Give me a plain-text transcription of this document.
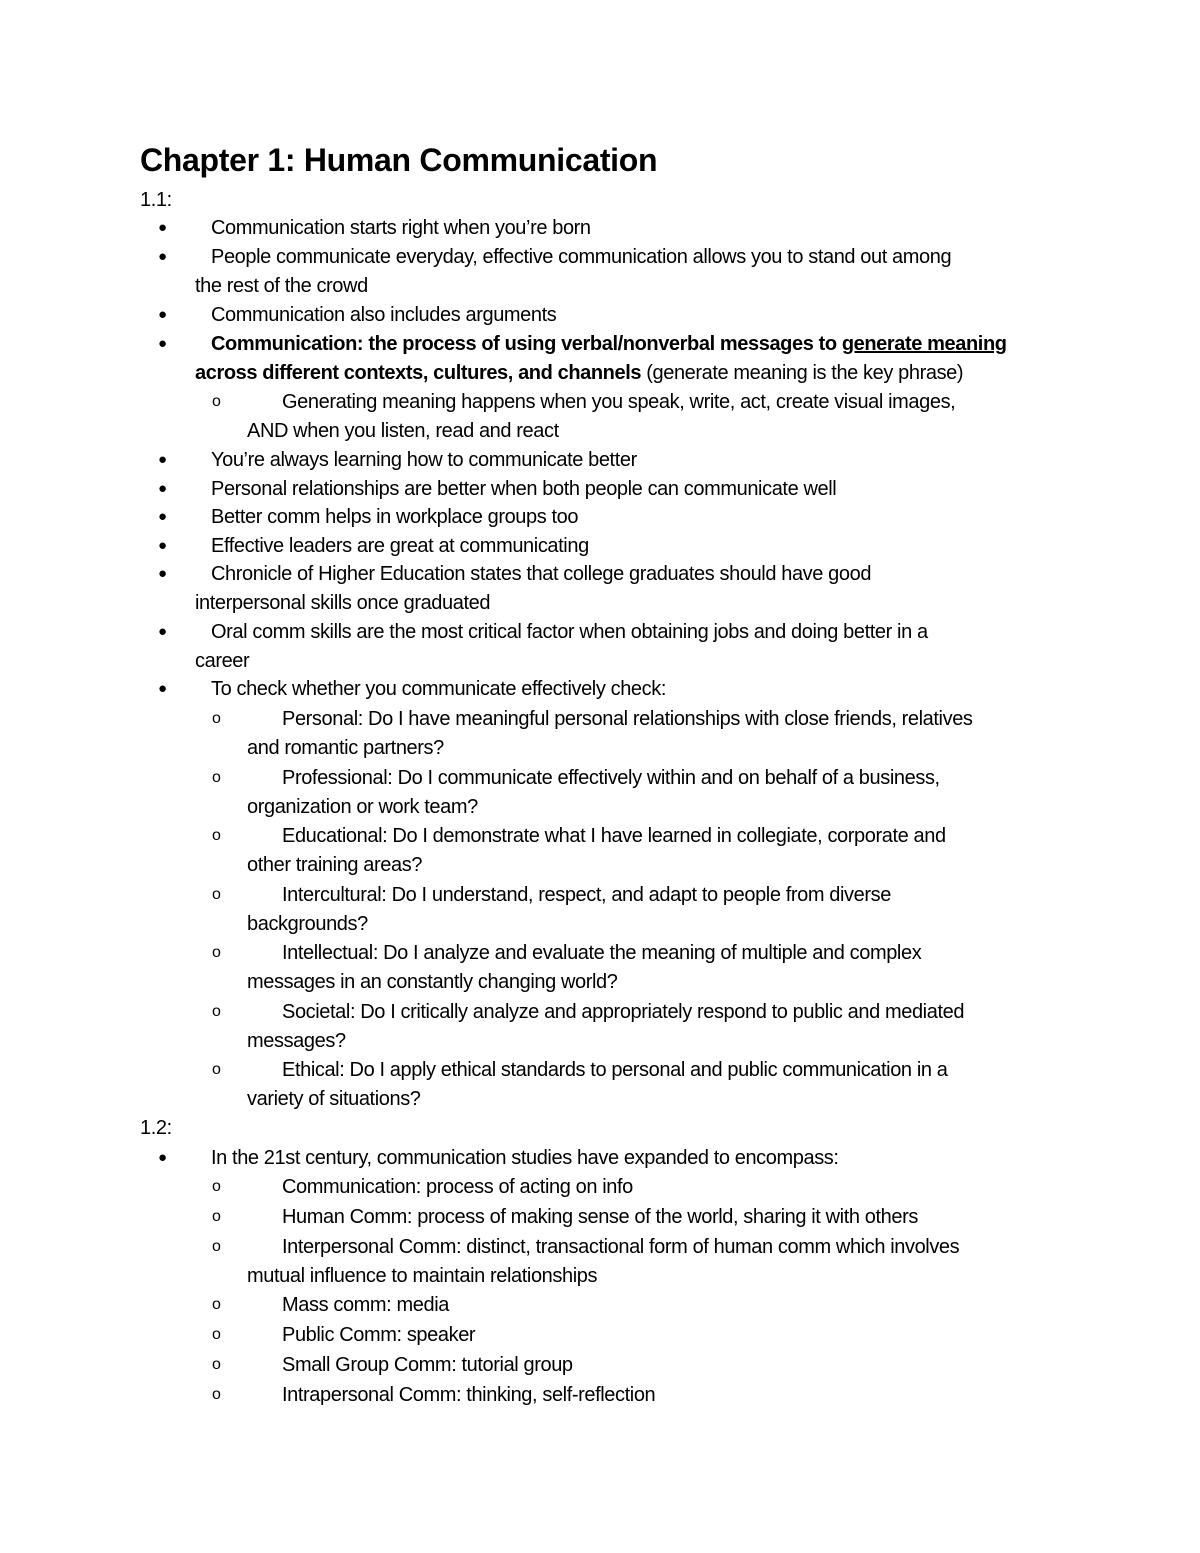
Chapter 1: Human Communication
1.1:
● Communication starts right when you’re born
● People communicate everyday, effective communication allows you to stand out among
the rest of the crowd
● Communication also includes arguments
● Communication: the process of using verbal/nonverbal messages to generate meaning
across different contexts, cultures, and channels (generate meaning is the key phrase)
o	Generating meaning happens when you speak, write, act, create visual images,
AND when you listen, read and react
● You’re always learning how to communicate better
● Personal relationships are better when both people can communicate well
● Better comm helps in workplace groups too
● Effective leaders are great at communicating
● Chronicle of Higher Education states that college graduates should have good
interpersonal skills once graduated
● Oral comm skills are the most critical factor when obtaining jobs and doing better in a
career
● To check whether you communicate effectively check:
o	Personal: Do I have meaningful personal relationships with close friends, relatives
and romantic partners?
o	Professional: Do I communicate effectively within and on behalf of a business,
organization or work team?
o	Educational: Do I demonstrate what I have learned in collegiate, corporate and
other training areas?
o	Intercultural: Do I understand, respect, and adapt to people from diverse
backgrounds?
o	Intellectual: Do I analyze and evaluate the meaning of multiple and complex
messages in an constantly changing world?
o	Societal: Do I critically analyze and appropriately respond to public and mediated
messages?
o	Ethical: Do I apply ethical standards to personal and public communication in a
variety of situations?
1.2:
● In the 21st century, communication studies have expanded to encompass:
o	Communication: process of acting on info
o	Human Comm: process of making sense of the world, sharing it with others
o	Interpersonal Comm: distinct, transactional form of human comm which involves
mutual influence to maintain relationships
o	Mass comm: media
o	Public Comm: speaker
o	Small Group Comm: tutorial group
o	Intrapersonal Comm: thinking, self-reflection
